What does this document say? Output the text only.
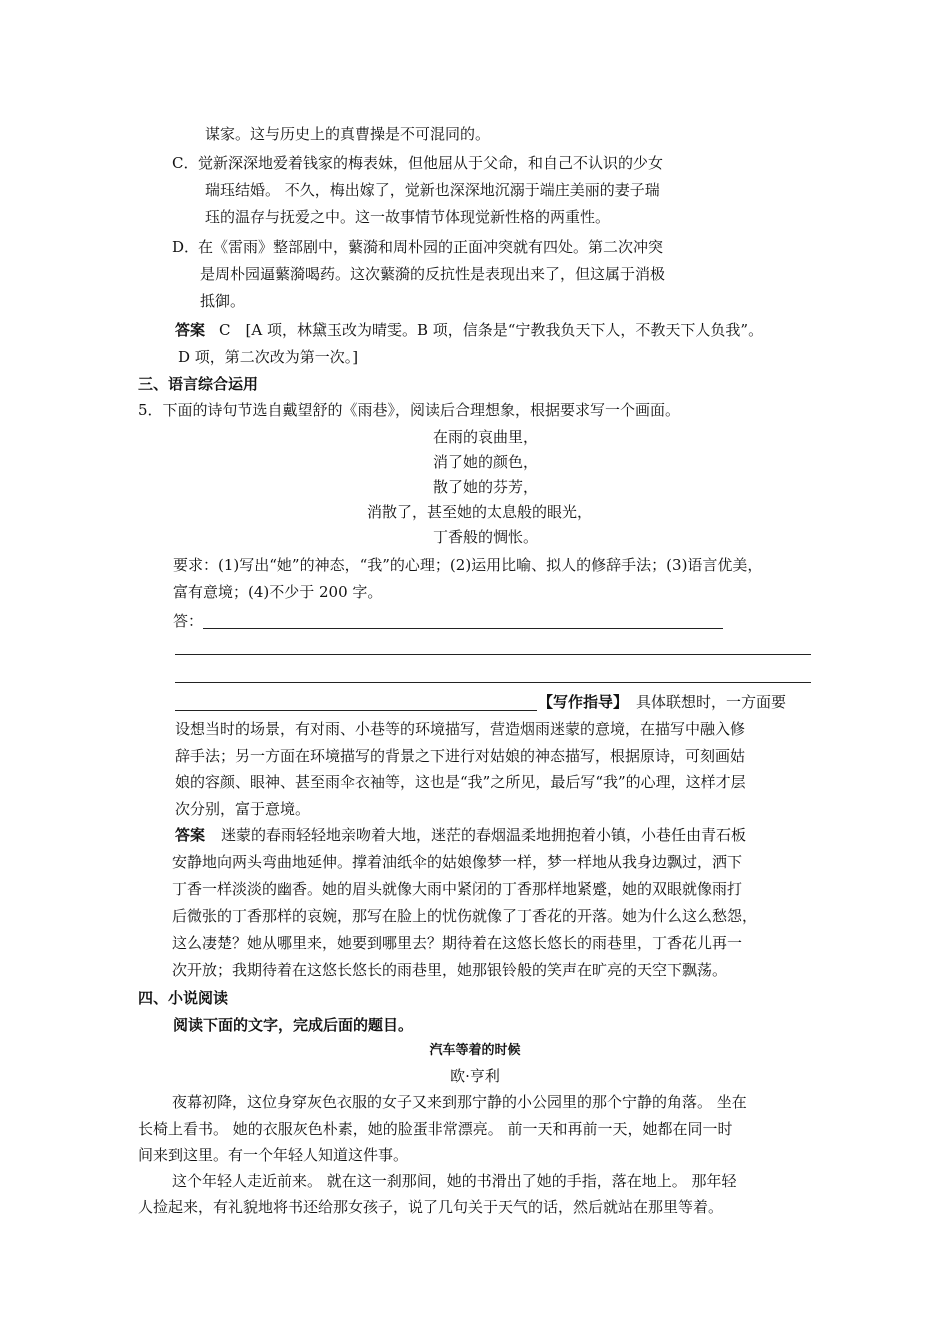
谋家。这与历史上的真曹操是不可混同的。
C． 觉新深深地爱着钱家的梅表妹，但他屈从于父命，和自己不认识的少女
瑞珏结婚。 不久，梅出嫁了，觉新也深深地沉溺于端庄美丽的妻子瑞
珏的温存与抚爱之中。这一故事情节体现觉新性格的两重性。
D．
在《雷雨》整部剧中，蘩漪和周朴园的正面冲突就有四处。第二次冲突
是周朴园逼蘩漪喝药。这次蘩漪的反抗性是表现出来了，但这属于消极
抵御。
答案 C　[A 项，林黛玉改为晴雯。B 项，信条是“宁教我负天下人，不教天下人负我”。
D 项，第二次改为第一次。]
三、语言综合运用
5．下面的诗句节选自戴望舒的《雨巷》，阅读后合理想象，根据要求写一个画面。
在雨的哀曲里，
消了她的颜色，
散了她的芬芳，
消散了，甚至她的太息般的眼光，
丁香般的惆怅。
要求：(1)写出“她”的神态，“我”的心理；(2)运用比喻、拟人的修辞手法；(3)语言优美，
富有意境；(4)不少于 200 字。
答：
【写作指导】 具体联想时，一方面要
设想当时的场景，有对雨、小巷等的环境描写，营造烟雨迷蒙的意境，在描写中融入修
辞手法；另一方面在环境描写的背景之下进行对姑娘的神态描写，根据原诗，可刻画姑
娘的容颜、眼神、甚至雨伞衣袖等，这也是“我”之所见，最后写“我”的心理，这样才层
次分别，富于意境。
答案 迷蒙的春雨轻轻地亲吻着大地，迷茫的春烟温柔地拥抱着小镇，小巷任由青石板
安静地向两头弯曲地延伸。撑着油纸伞的姑娘像梦一样，梦一样地从我身边飘过，洒下
丁香一样淡淡的幽香。她的眉头就像大雨中紧闭的丁香那样地紧蹙，她的双眼就像雨打
后微张的丁香那样的哀婉，那写在脸上的忧伤就像了丁香花的开落。她为什么这么愁怨，
这么凄楚？她从哪里来，她要到哪里去？期待着在这悠长悠长的雨巷里，丁香花儿再一
次开放；我期待着在这悠长悠长的雨巷里，她那银铃般的笑声在旷亮的天空下飘荡。
四、小说阅读
阅读下面的文字，完成后面的题目。
汽车等着的时候
欧·亨利
夜幕初降，这位身穿灰色衣服的女子又来到那宁静的小公园里的那个宁静的角落。 坐在
长椅上看书。 她的衣服灰色朴素，她的脸蛋非常漂亮。 前一天和再前一天，她都在同一时
间来到这里。有一个年轻人知道这件事。
这个年轻人走近前来。 就在这一刹那间，她的书滑出了她的手指，落在地上。 那年轻
人捡起来，有礼貌地将书还给那女孩子，说了几句关于天气的话，然后就站在那里等着。
